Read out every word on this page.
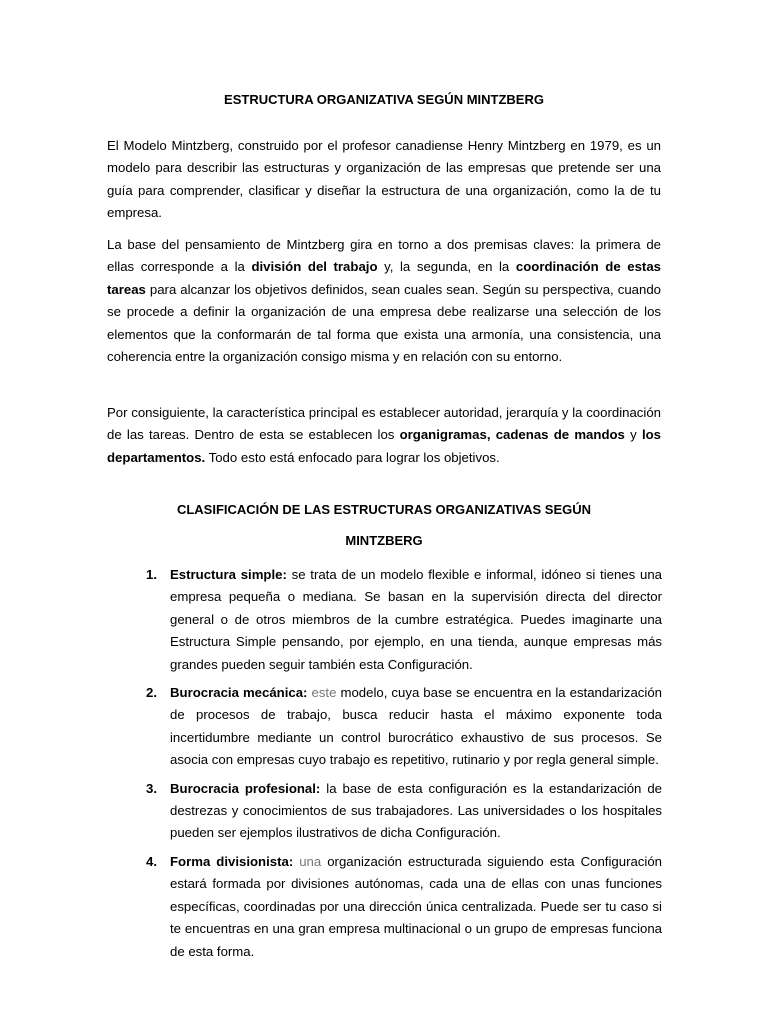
ESTRUCTURA ORGANIZATIVA SEGÚN MINTZBERG

El Modelo Mintzberg, construido por el profesor canadiense Henry Mintzberg en 1979, es un modelo para describir las estructuras y organización de las empresas que pretende ser una guía para comprender, clasificar y diseñar la estructura de una organización, como la de tu empresa.

La base del pensamiento de Mintzberg gira en torno a dos premisas claves: la primera de ellas corresponde a la división del trabajo y, la segunda, en la coordinación de estas tareas para alcanzar los objetivos definidos, sean cuales sean. Según su perspectiva, cuando se procede a definir la organización de una empresa debe realizarse una selección de los elementos que la conformarán de tal forma que exista una armonía, una consistencia, una coherencia entre la organización consigo misma y en relación con su entorno.

Por consiguiente, la característica principal es establecer autoridad, jerarquía y la coordinación de las tareas. Dentro de esta se establecen los organigramas, cadenas de mandos y los departamentos. Todo esto está enfocado para lograr los objetivos.

CLASIFICACIÓN DE LAS ESTRUCTURAS ORGANIZATIVAS SEGÚN
MINTZBERG
1. Estructura simple: se trata de un modelo flexible e informal, idóneo si tienes una empresa pequeña o mediana. Se basan en la supervisión directa del director general o de otros miembros de la cumbre estratégica. Puedes imaginarte una Estructura Simple pensando, por ejemplo, en una tienda, aunque empresas más grandes pueden seguir también esta Configuración.
2. Burocracia mecánica: este modelo, cuya base se encuentra en la estandarización de procesos de trabajo, busca reducir hasta el máximo exponente toda incertidumbre mediante un control burocrático exhaustivo de sus procesos. Se asocia con empresas cuyo trabajo es repetitivo, rutinario y por regla general simple.
3. Burocracia profesional: la base de esta configuración es la estandarización de destrezas y conocimientos de sus trabajadores. Las universidades o los hospitales pueden ser ejemplos ilustrativos de dicha Configuración.
4. Forma divisionista: una organización estructurada siguiendo esta Configuración estará formada por divisiones autónomas, cada una de ellas con unas funciones específicas, coordinadas por una dirección única centralizada. Puede ser tu caso si te encuentras en una gran empresa multinacional o un grupo de empresas funciona de esta forma.
